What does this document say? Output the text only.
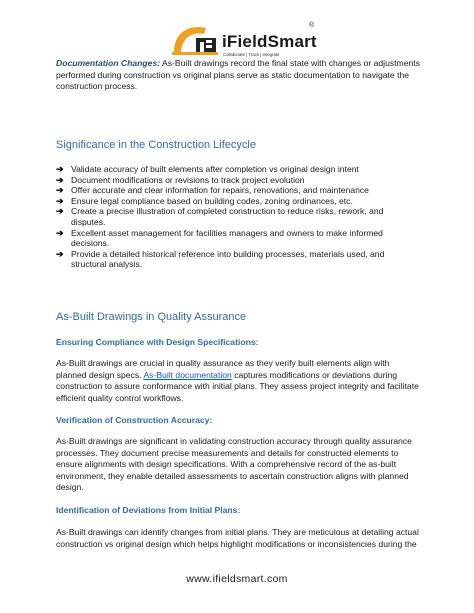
iFieldSmart
®
Collaborate | Track | Integrate

Documentation Changes: As-Built drawings record the final state with changes or adjustments performed during construction vs original plans serve as static documentation to navigate the construction process.

Significance in the Construction Lifecycle
➔ Validate accuracy of built elements after completion vs original design intent
➔ Document modifications or revisions to track project evolution
➔ Offer accurate and clear information for repairs, renovations, and maintenance
➔ Ensure legal compliance based on building codes, zoning ordinances, etc.
➔ Create a precise illustration of completed construction to reduce risks, rework, and disputes.
➔ Excellent asset management for facilities managers and owners to make informed decisions.
➔ Provide a detailed historical reference into building processes, materials used, and structural analysis.
As-Built Drawings in Quality Assurance
Ensuring Compliance with Design Specifications:

As-Built drawings are crucial in quality assurance as they verify built elements align with planned design specs. As-Built documentation captures modifications or deviations during construction to assure conformance with initial plans. They assess project integrity and facilitate efficient quality control workflows.

Verification of Construction Accuracy:

As-Built drawings are significant in validating construction accuracy through quality assurance processes. They document precise measurements and details for constructed elements to ensure alignments with design specifications. With a comprehensive record of the as-built environment, they enable detailed assessments to ascertain construction aligns with planned design.

Identification of Deviations from Initial Plans:

As-Built drawings can identify changes from initial plans. They are meticulous at detailing actual construction vs original design which helps highlight modifications or inconsistencies during the

www.ifieldsmart.com
